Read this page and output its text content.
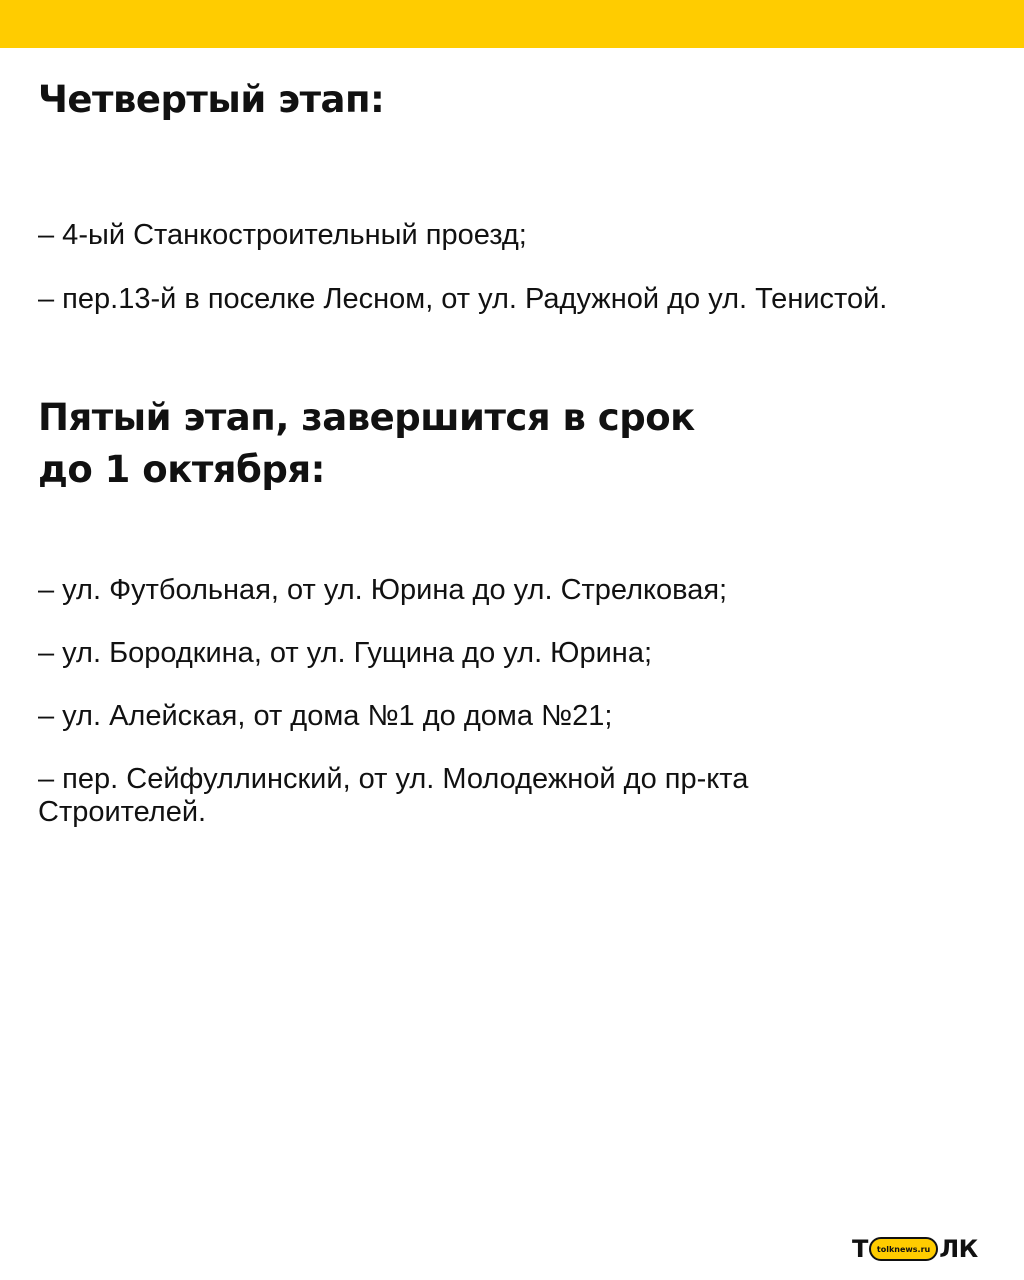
Четвертый этап:

– 4-ый Станкостроительный проезд;

– пер.13-й в поселке Лесном, от ул. Радужной до ул. Тенистой.

Пятый этап, завершится в срок
до 1 октября:

– ул. Футбольная, от ул. Юрина до ул. Стрелковая;

– ул. Бородкина, от ул. Гущина до ул. Юрина;

– ул. Алейская, от дома №1 до дома №21;

– пер. Сейфуллинский, от ул. Молодежной до пр-кта Строителей.

Т	tolknews.ru ЛК
